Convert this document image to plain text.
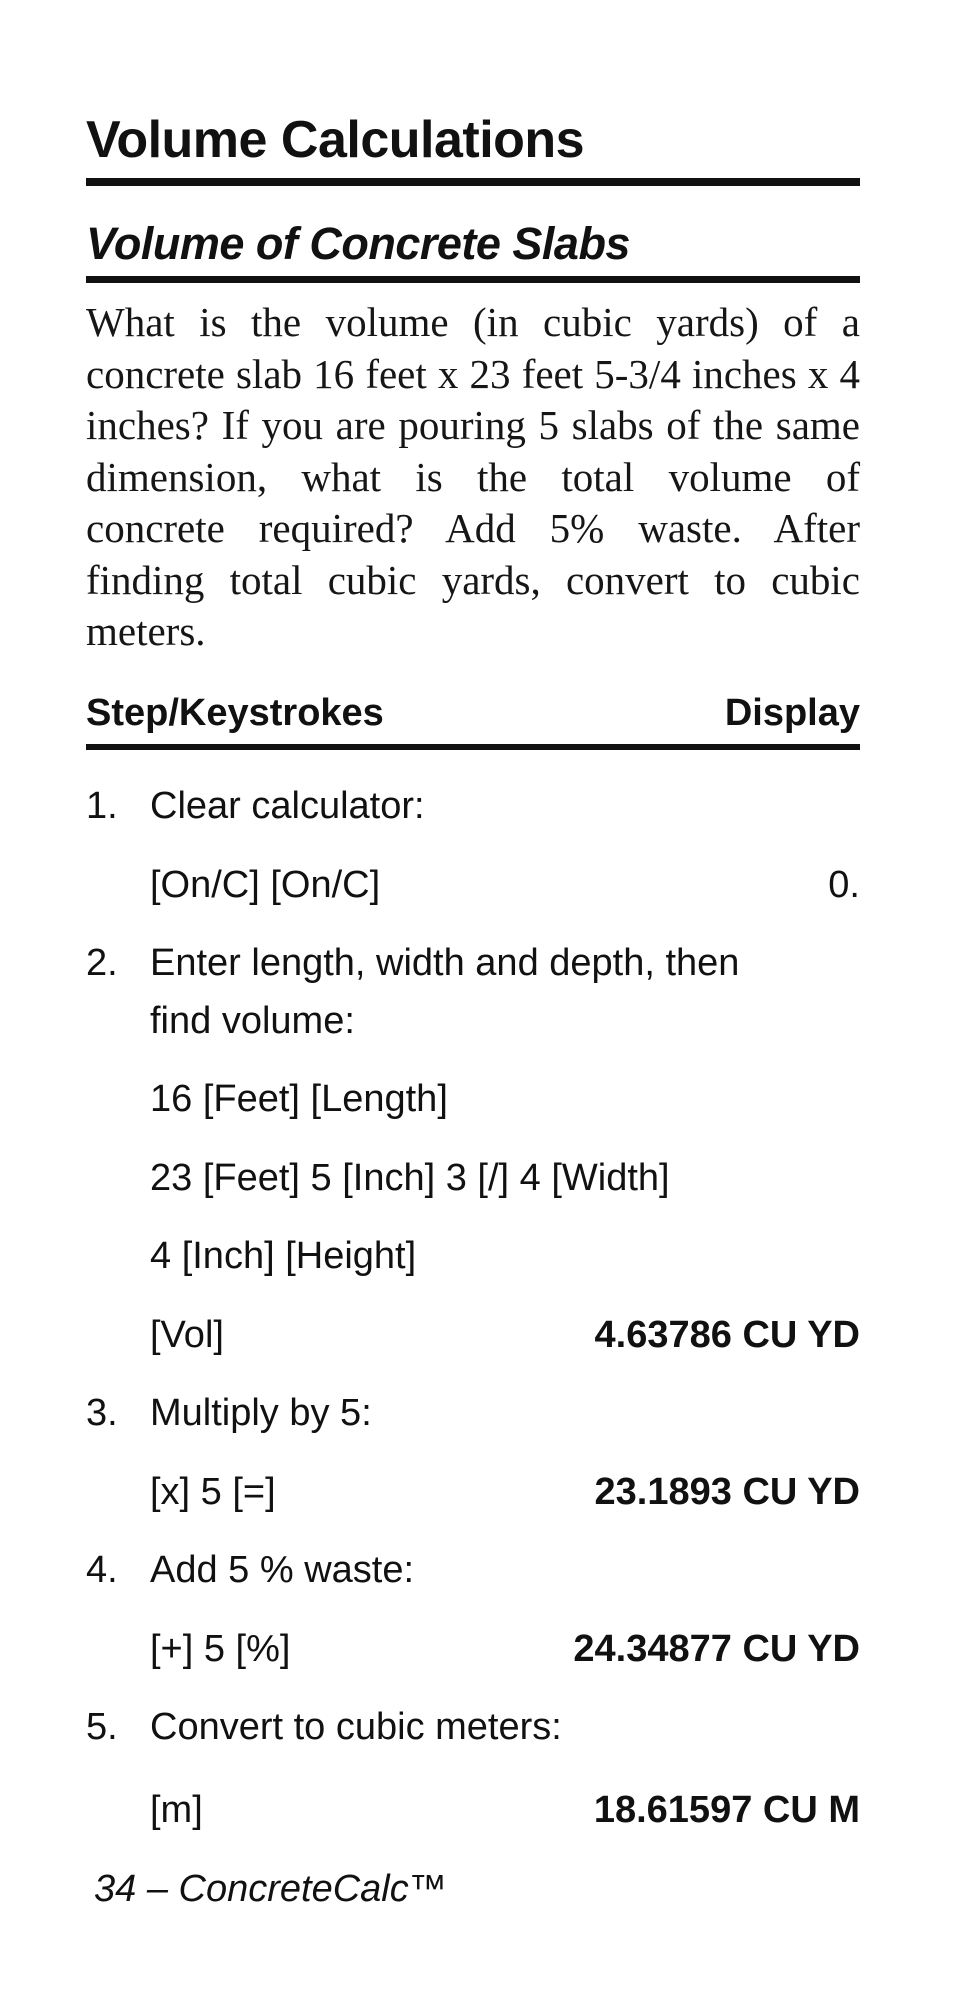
Volume Calculations
Volume of Concrete Slabs
What is the volume (in cubic yards) of a concrete slab 16 feet x 23 feet 5-3/4 inches x 4 inches? If you are pouring 5 slabs of the same dimension, what is the total volume of concrete required? Add 5% waste. After finding total cubic yards, convert to cubic meters.
Step/Keystrokes	Display
1. Clear calculator:
[On/C] [On/C]	0.
2. Enter length, width and depth, then
find volume:
16 [Feet] [Length]
23 [Feet] 5 [Inch] 3 [/] 4 [Width]
4 [Inch] [Height]
[Vol]	4.63786 CU YD
3. Multiply by 5:
[x] 5 [=]	23.1893 CU YD
4. Add 5 % waste:
[+] 5 [%]	24.34877 CU YD
5. Convert to cubic meters:
[m]	18.61597 CU M
34 – ConcreteCalc™
